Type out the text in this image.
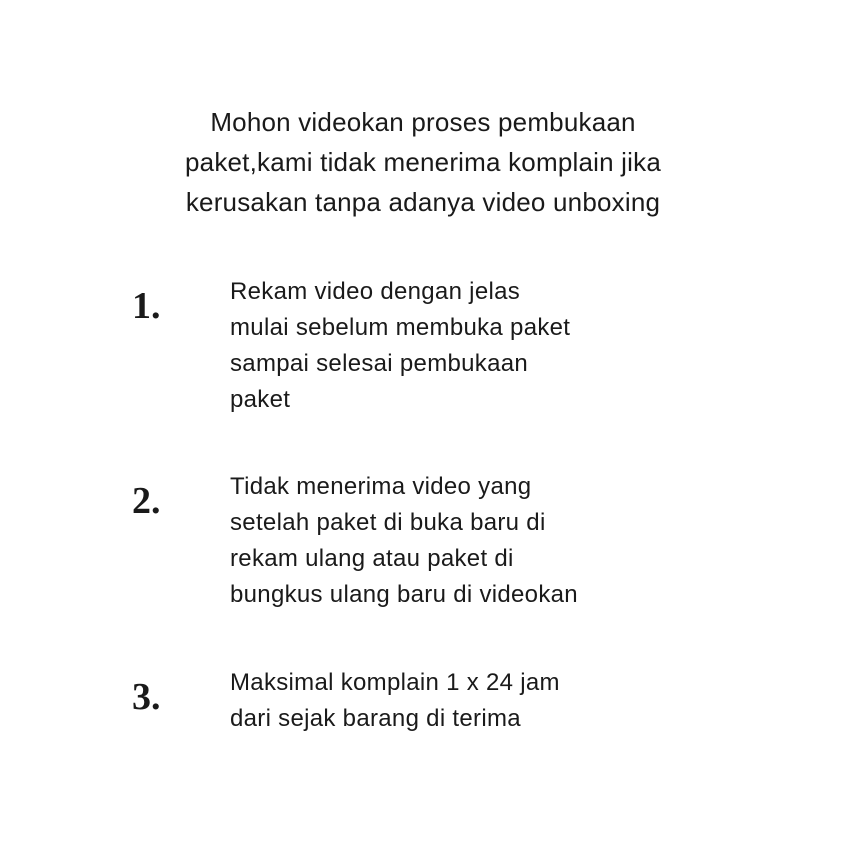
Mohon videokan proses pembukaan
paket,kami tidak menerima komplain jika
kerusakan tanpa adanya video unboxing

1.	Rekam video dengan jelas
mulai sebelum membuka paket
sampai selesai pembukaan
paket

2.	Tidak menerima video yang
setelah paket di buka baru di
rekam ulang atau paket di
bungkus ulang baru di videokan

3.	Maksimal komplain 1 x 24 jam
dari sejak barang di terima
